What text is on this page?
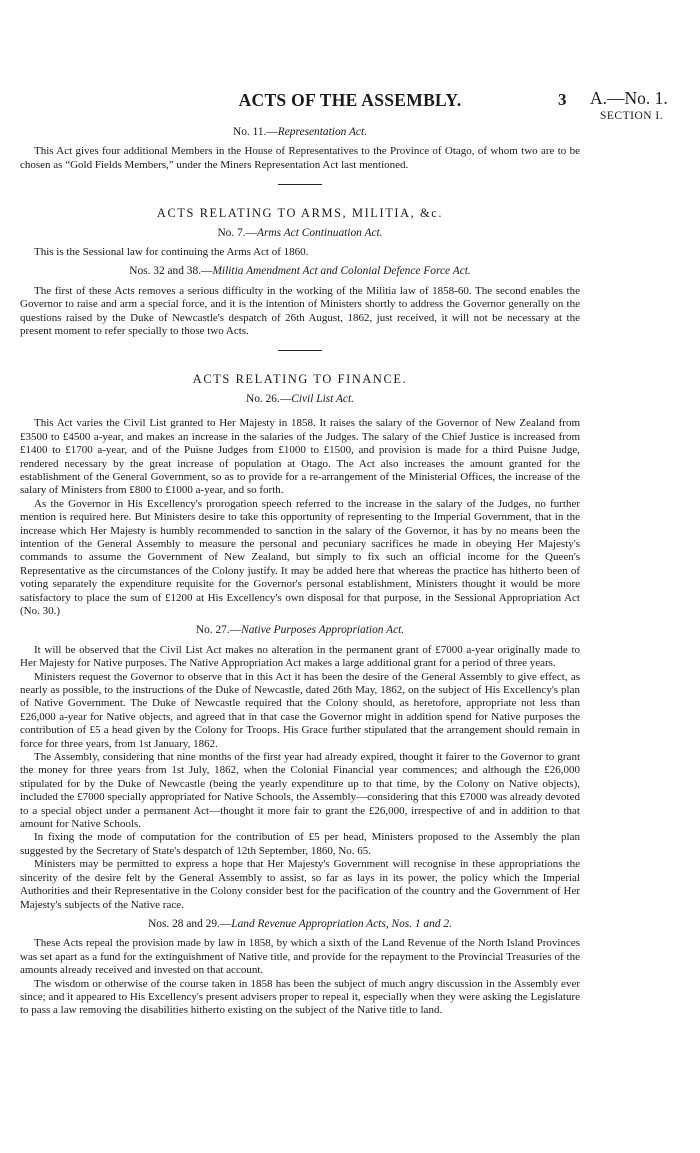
ACTS OF THE ASSEMBLY.	3 A.—No. 1.
SECTION I.
No. 11.—Representation Act.

This Act gives four additional Members in the House of Representatives to the Province of Otago, of whom two are to be chosen as “Gold Fields Members,” under the Miners Representation Act last mentioned.

ACTS RELATING TO ARMS, MILITIA, &c.
No. 7.—Arms Act Continuation Act.

This is the Sessional law for continuing the Arms Act of 1860.

Nos. 32 and 38.—Militia Amendment Act and Colonial Defence Force Act.

The first of these Acts removes a serious difficulty in the working of the Militia law of 1858-60. The second enables the Governor to raise and arm a special force, and it is the intention of Ministers shortly to address the Governor generally on the questions raised by the Duke of Newcastle's despatch of 26th August, 1862, just received, it will not be necessary at the present moment to refer specially to those two Acts.

ACTS RELATING TO FINANCE.
No. 26.—Civil List Act.

This Act varies the Civil List granted to Her Majesty in 1858. It raises the salary of the Governor of New Zealand from £3500 to £4500 a-year, and makes an increase in the salaries of the Judges. The salary of the Chief Justice is increased from £1400 to £1700 a-year, and of the Puisne Judges from £1000 to £1500, and provision is made for a third Puisne Judge, rendered necessary by the great increase of population at Otago. The Act also increases the amount granted for the establishment of the General Government, so as to provide for a re-arrangement of the Ministerial Offices, the increase of the salary of Ministers from £800 to £1000 a-year, and so forth.

As the Governor in His Excellency's prorogation speech referred to the increase in the salary of the Judges, no further mention is required here. But Ministers desire to take this opportunity of representing to the Imperial Government, that in the increase which Her Majesty is humbly recommended to sanction in the salary of the Governor, it has by no means been the intention of the General Assembly to measure the personal and pecuniary sacrifices he made in obeying Her Majesty's commands to assume the Government of New Zealand, but simply to fix such an official income for the Queen's Representative as the circumstances of the Colony justify. It may be added here that whereas the practice has hitherto been of voting separately the expenditure requisite for the Governor's personal establishment, Ministers thought it would be more satisfactory to place the sum of £1200 at His Excellency's own disposal for that purpose, in the Sessional Appropriation Act (No. 30.)

No. 27.—Native Purposes Appropriation Act.

It will be observed that the Civil List Act makes no alteration in the permanent grant of £7000 a-year originally made to Her Majesty for Native purposes. The Native Appropriation Act makes a large additional grant for a period of three years.

Ministers request the Governor to observe that in this Act it has been the desire of the General Assembly to give effect, as nearly as possible, to the instructions of the Duke of Newcastle, dated 26th May, 1862, on the subject of His Excellency's plan of Native Government. The Duke of Newcastle required that the Colony should, as heretofore, appropriate not less than £26,000 a-year for Native objects, and agreed that in that case the Governor might in addition spend for Native purposes the contribution of £5 a head given by the Colony for Troops. His Grace further stipulated that the arrangement should remain in force for three years, from 1st January, 1862.

The Assembly, considering that nine months of the first year had already expired, thought it fairer to the Governor to grant the money for three years from 1st July, 1862, when the Colonial Financial year commences; and although the £26,000 stipulated for by the Duke of Newcastle (being the yearly expenditure up to that time, by the Colony on Native objects), included the £7000 specially appropriated for Native Schools, the Assembly—considering that this £7000 was already devoted to a special object under a permanent Act—thought it more fair to grant the £26,000, irrespective of and in addition to that amount for Native Schools.

In fixing the mode of computation for the contribution of £5 per head, Ministers proposed to the Assembly the plan suggested by the Secretary of State's despatch of 12th September, 1860, No. 65.

Ministers may be permitted to express a hope that Her Majesty's Government will recognise in these appropriations the sincerity of the desire felt by the General Assembly to assist, so far as lays in its power, the policy which the Imperial Authorities and their Representative in the Colony consider best for the pacification of the country and the Government of Her Majesty's subjects of the Native race.

Nos. 28 and 29.—Land Revenue Appropriation Acts, Nos. 1 and 2.

These Acts repeal the provision made by law in 1858, by which a sixth of the Land Revenue of the North Island Provinces was set apart as a fund for the extinguishment of Native title, and provide for the repayment to the Provincial Treasuries of the amounts already received and invested on that account.

The wisdom or otherwise of the course taken in 1858 has been the subject of much angry discussion in the Assembly ever since; and it appeared to His Excellency's present advisers proper to repeal it, especially when they were asking the Legislature to pass a law removing the disabilities hitherto existing on the subject of the Native title to land.
